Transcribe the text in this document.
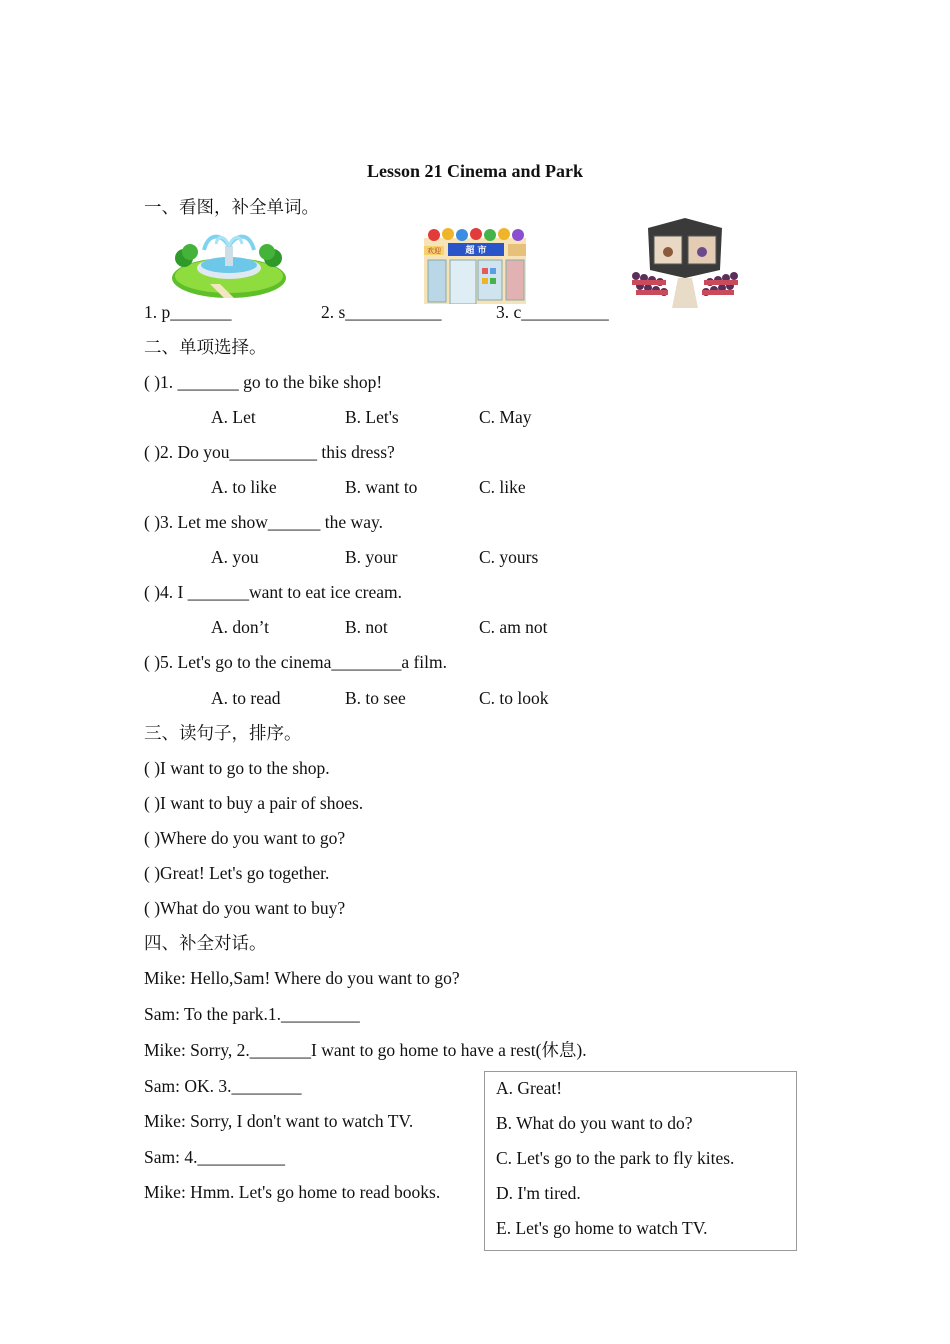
Lesson 21 Cinema and Park
一、看图，补全单词。
欢迎	超 市
1. p_______	2. s___________	3. c__________
二、单项选择。
( )1. _______ go to the bike shop!
A. Let	B. Let's	C. May
( )2. Do you__________ this dress?
A. to like	B. want to	C. like
( )3. Let me show______ the way.
A. you	B. your	C. yours
( )4. I _______want to eat ice cream.
A. don’t	B. not	C. am not
( )5. Let's go to the cinema________a film.
A. to read	B. to see	C. to look
三、读句子，排序。
( )I want to go to the shop.
( )I want to buy a pair of shoes.
( )Where do you want to go?
( )Great! Let's go together.
( )What do you want to buy?
四、补全对话。
Mike: Hello,Sam! Where do you want to go?
Sam: To the park.1._________
Mike: Sorry, 2._______I want to go home to have a rest(休息).
Sam: OK. 3.________
Mike: Sorry, I don't want to watch TV.
Sam: 4.__________
Mike: Hmm. Let's go home to read books.
A. Great!
B. What do you want to do?
C. Let's go to the park to fly kites.
D. I'm tired.
E. Let's go home to watch TV.
